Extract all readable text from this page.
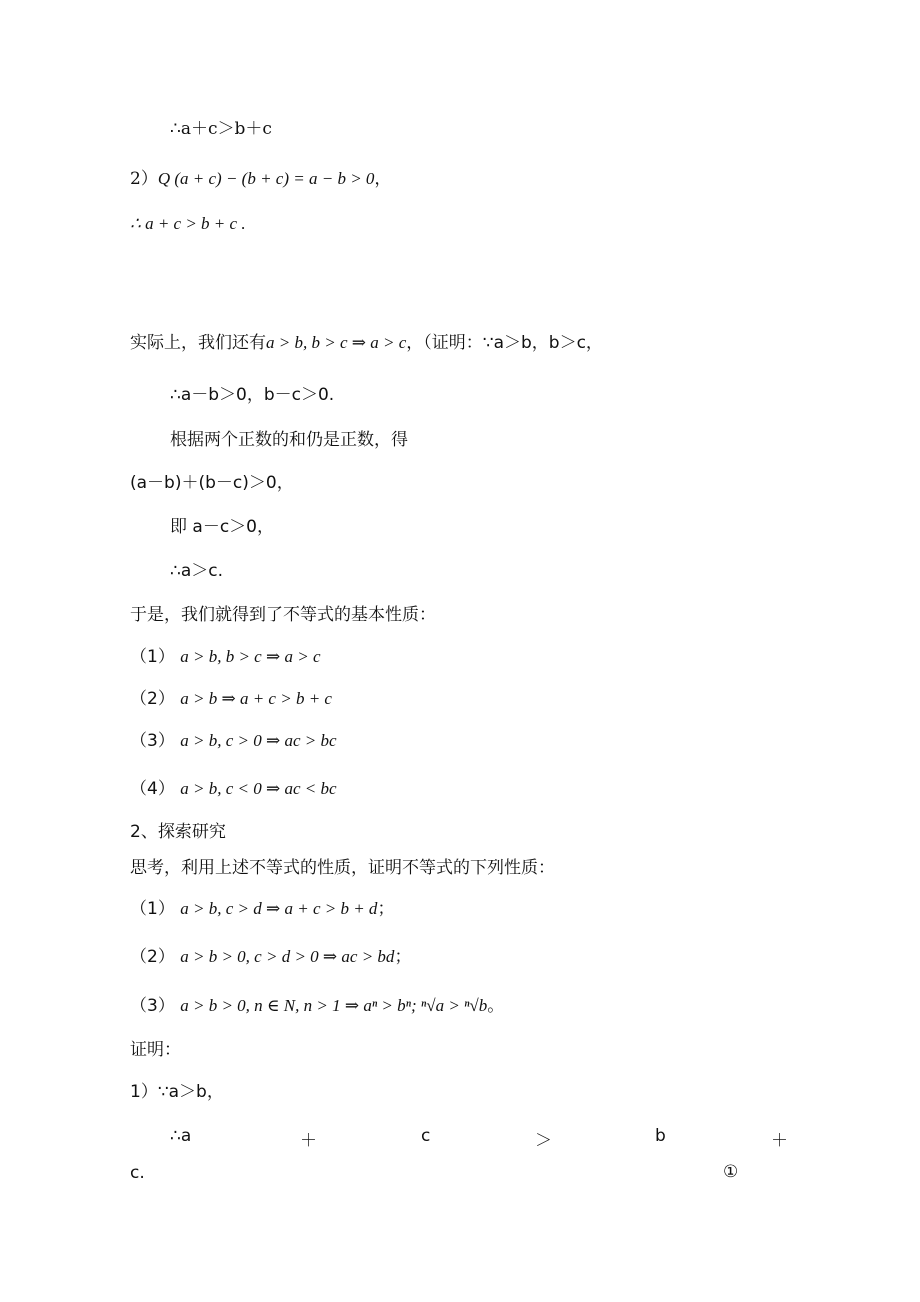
∴a＋c＞b＋c
2）Q (a + c) − (b + c) = a − b > 0，
∴ a + c > b + c .
实际上，我们还有a > b, b > c ⇒ a > c，（证明：∵a＞b，b＞c，
∴a－b＞0，b－c＞0.
根据两个正数的和仍是正数，得
(a－b)＋(b－c)＞0，
即 a－c＞0，
∴a＞c.
于是，我们就得到了不等式的基本性质：
（1） a > b, b > c ⇒ a > c
（2） a > b ⇒ a + c > b + c
（3） a > b, c > 0 ⇒ ac > bc
（4） a > b, c < 0 ⇒ ac < bc
2、探索研究
思考，利用上述不等式的性质，证明不等式的下列性质：
（1） a > b, c > d ⇒ a + c > b + d；
（2） a > b > 0, c > d > 0 ⇒ ac > bd；
（3） a > b > 0, n ∈ N, n > 1 ⇒ aⁿ > bⁿ; ⁿ√a > ⁿ√b。
证明：
1）∵a＞b，
∴a	＋	c	＞	b	＋
c.	①
